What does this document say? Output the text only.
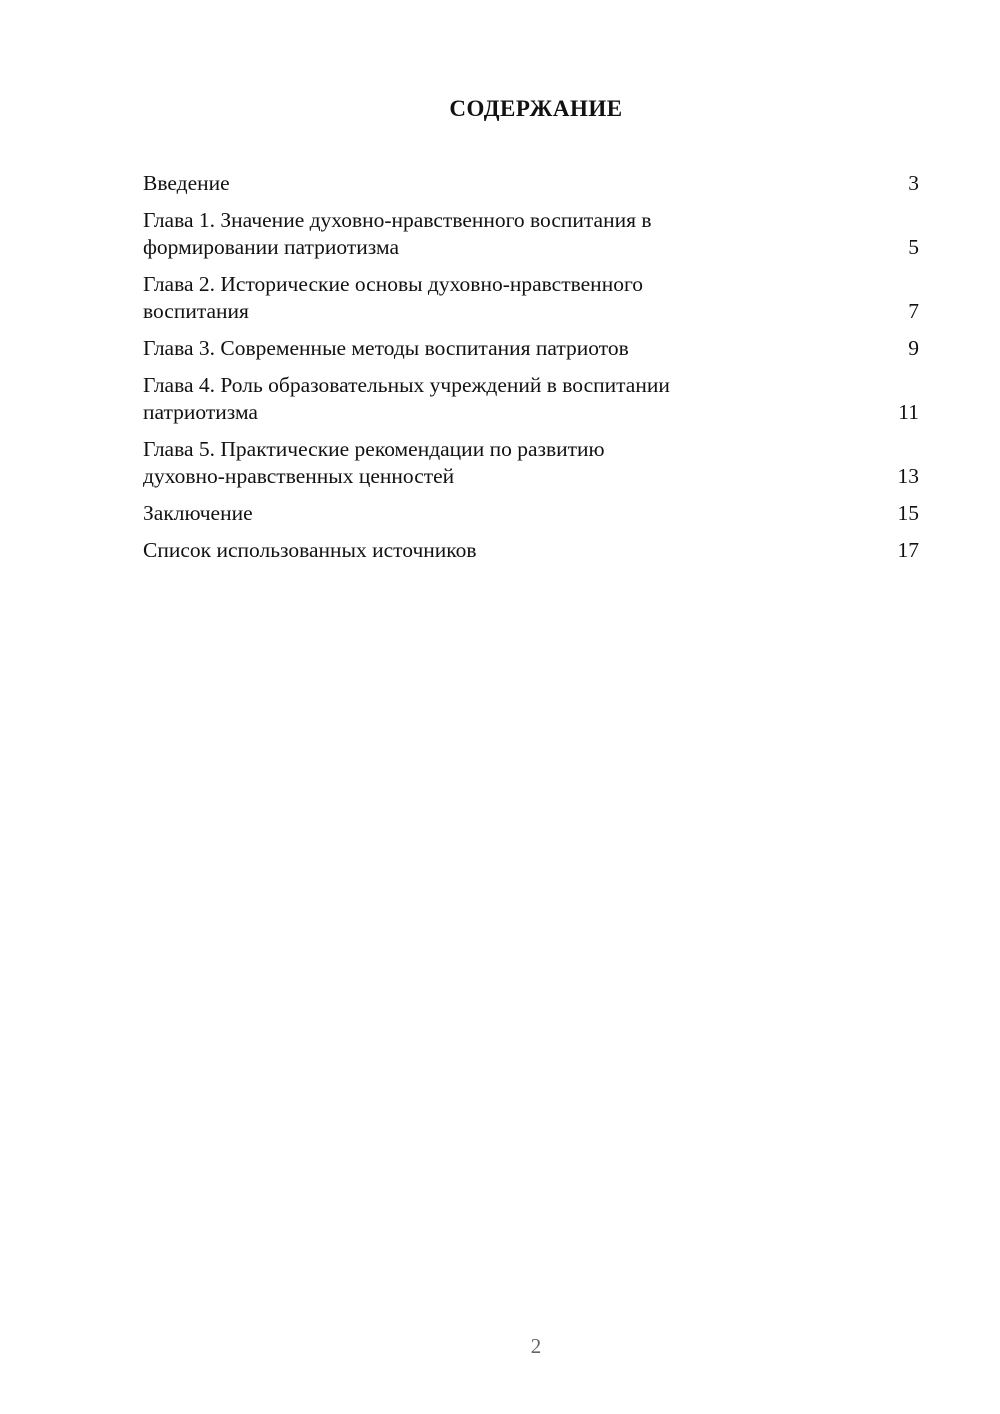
СОДЕРЖАНИЕ
Введение	3
Глава 1. Значение духовно-нравственного воспитания в
формировании патриотизма	5
Глава 2. Исторические основы духовно-нравственного
воспитания	7
Глава 3. Современные методы воспитания патриотов	9
Глава 4. Роль образовательных учреждений в воспитании
патриотизма	11
Глава 5. Практические рекомендации по развитию
духовно-нравственных ценностей	13
Заключение	15
Список использованных источников	17
2
